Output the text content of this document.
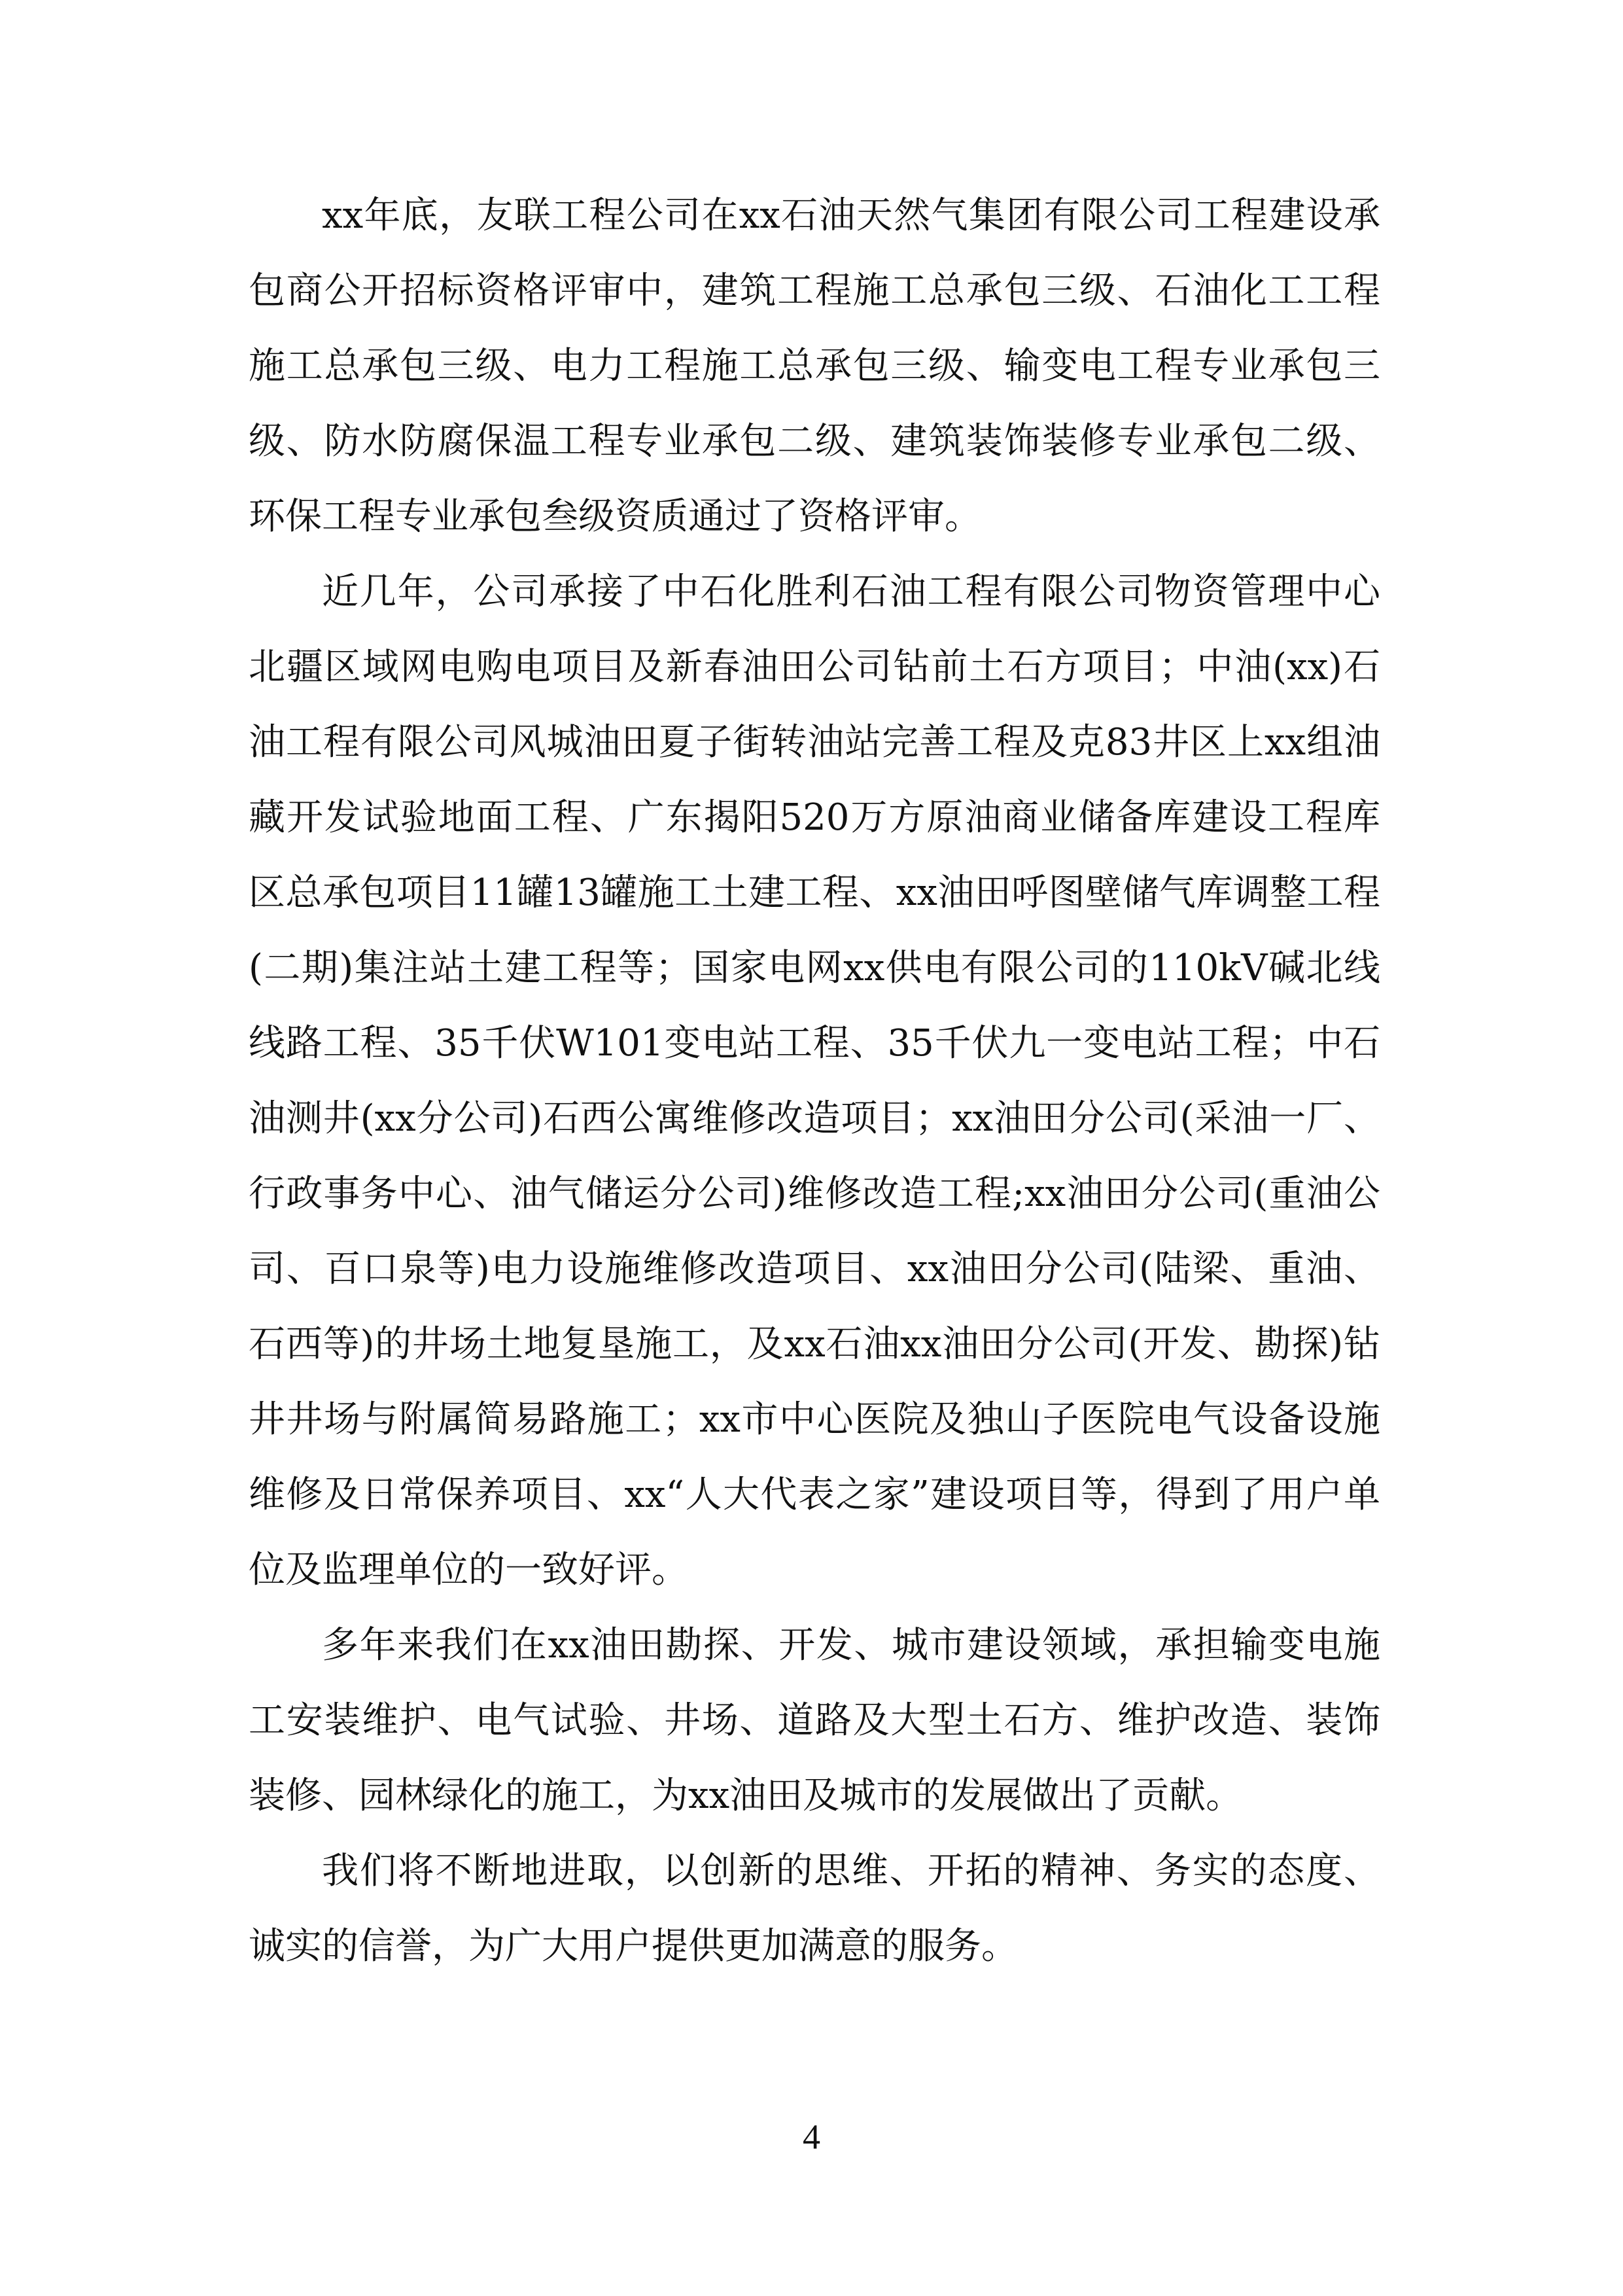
xx年底，友联工程公司在xx石油天然气集团有限公司工程建设承包商公开招标资格评审中，建筑工程施工总承包三级、石油化工工程施工总承包三级、电力工程施工总承包三级、输变电工程专业承包三级、防水防腐保温工程专业承包二级、建筑装饰装修专业承包二级、环保工程专业承包叁级资质通过了资格评审。

近几年，公司承接了中石化胜利石油工程有限公司物资管理中心北疆区域网电购电项目及新春油田公司钻前土石方项目；中油(xx)石油工程有限公司风城油田夏子街转油站完善工程及克83井区上xx组油藏开发试验地面工程、广东揭阳520万方原油商业储备库建设工程库区总承包项目11罐13罐施工土建工程、xx油田呼图壁储气库调整工程(二期)集注站土建工程等；国家电网xx供电有限公司的110kV碱北线线路工程、35千伏W101变电站工程、35千伏九一变电站工程；中石油测井(xx分公司)石西公寓维修改造项目；xx油田分公司(采油一厂、行政事务中心、油气储运分公司)维修改造工程;xx油田分公司(重油公司、百口泉等)电力设施维修改造项目、xx油田分公司(陆梁、重油、石西等)的井场土地复垦施工，及xx石油xx油田分公司(开发、勘探)钻井井场与附属简易路施工；xx市中心医院及独山子医院电气设备设施维修及日常保养项目、xx“人大代表之家”建设项目等，得到了用户单位及监理单位的一致好评。

多年来我们在xx油田勘探、开发、城市建设领域，承担输变电施工安装维护、电气试验、井场、道路及大型土石方、维护改造、装饰装修、园林绿化的施工，为xx油田及城市的发展做出了贡献。

我们将不断地进取，以创新的思维、开拓的精神、务实的态度、诚实的信誉，为广大用户提供更加满意的服务。

4
